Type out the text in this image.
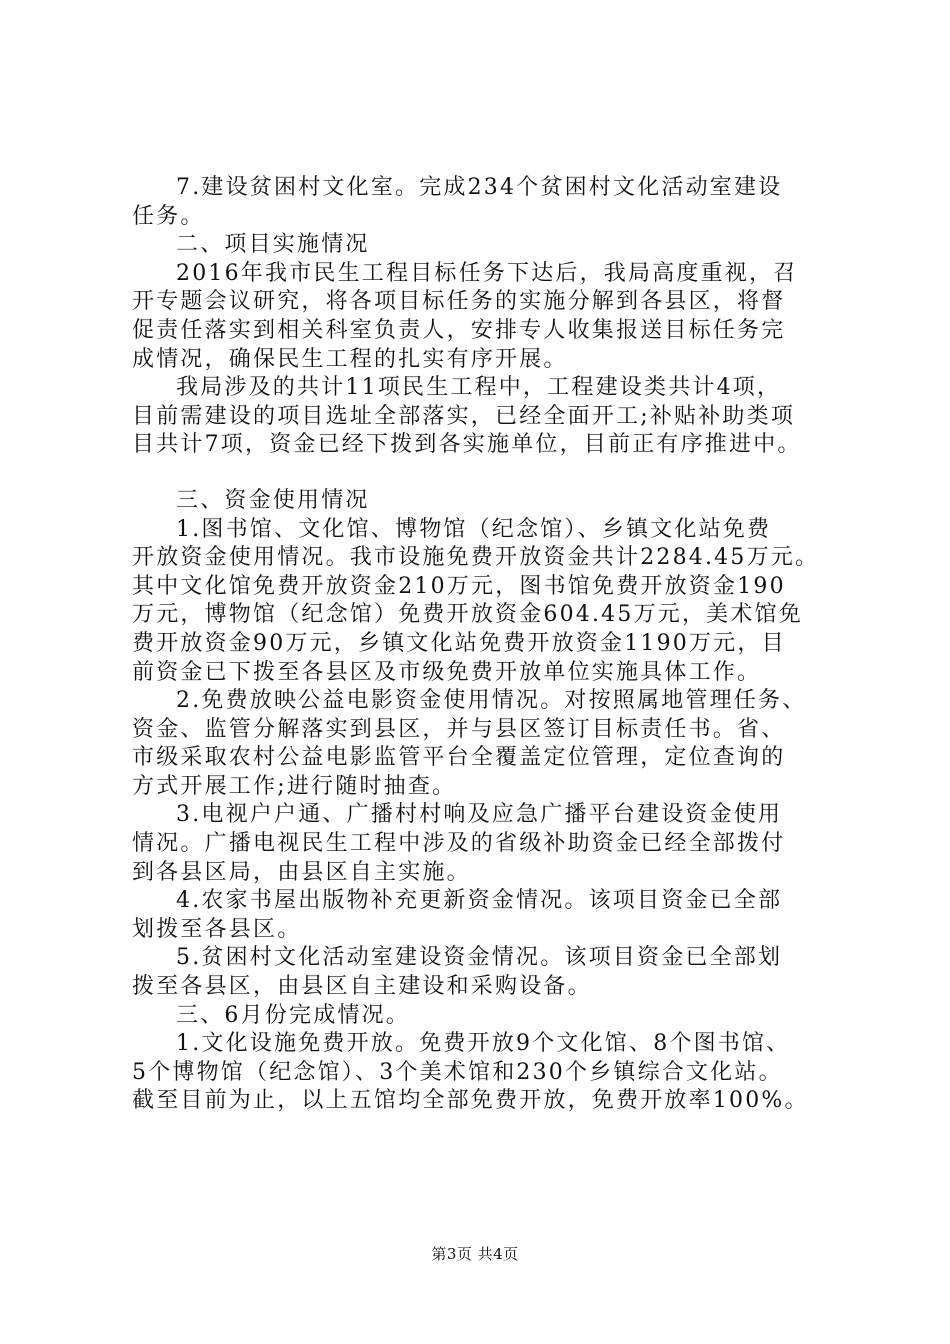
7.建设贫困村文化室。完成234个贫困村文化活动室建设
任务。
二、项目实施情况
2016年我市民生工程目标任务下达后，我局高度重视，召
开专题会议研究，将各项目标任务的实施分解到各县区，将督
促责任落实到相关科室负责人，安排专人收集报送目标任务完
成情况，确保民生工程的扎实有序开展。
我局涉及的共计11项民生工程中，工程建设类共计4项，
目前需建设的项目选址全部落实，已经全面开工;补贴补助类项
目共计7项，资金已经下拨到各实施单位，目前正有序推进中。
三、资金使用情况
1.图书馆、文化馆、博物馆（纪念馆）、乡镇文化站免费
开放资金使用情况。我市设施免费开放资金共计2284.45万元。
其中文化馆免费开放资金210万元，图书馆免费开放资金190
万元，博物馆（纪念馆）免费开放资金604.45万元，美术馆免
费开放资金90万元，乡镇文化站免费开放资金1190万元，目
前资金已下拨至各县区及市级免费开放单位实施具体工作。
2.免费放映公益电影资金使用情况。对按照属地管理任务、
资金、监管分解落实到县区，并与县区签订目标责任书。省、
市级采取农村公益电影监管平台全覆盖定位管理，定位查询的
方式开展工作;进行随时抽查。
3.电视户户通、广播村村响及应急广播平台建设资金使用
情况。广播电视民生工程中涉及的省级补助资金已经全部拨付
到各县区局，由县区自主实施。
4.农家书屋出版物补充更新资金情况。该项目资金已全部
划拨至各县区。
5.贫困村文化活动室建设资金情况。该项目资金已全部划
拨至各县区，由县区自主建设和采购设备。
三、6月份完成情况。
1.文化设施免费开放。免费开放9个文化馆、8个图书馆、
5个博物馆（纪念馆）、3个美术馆和230个乡镇综合文化站。
截至目前为止，以上五馆均全部免费开放，免费开放率100%。
第3页 共4页
